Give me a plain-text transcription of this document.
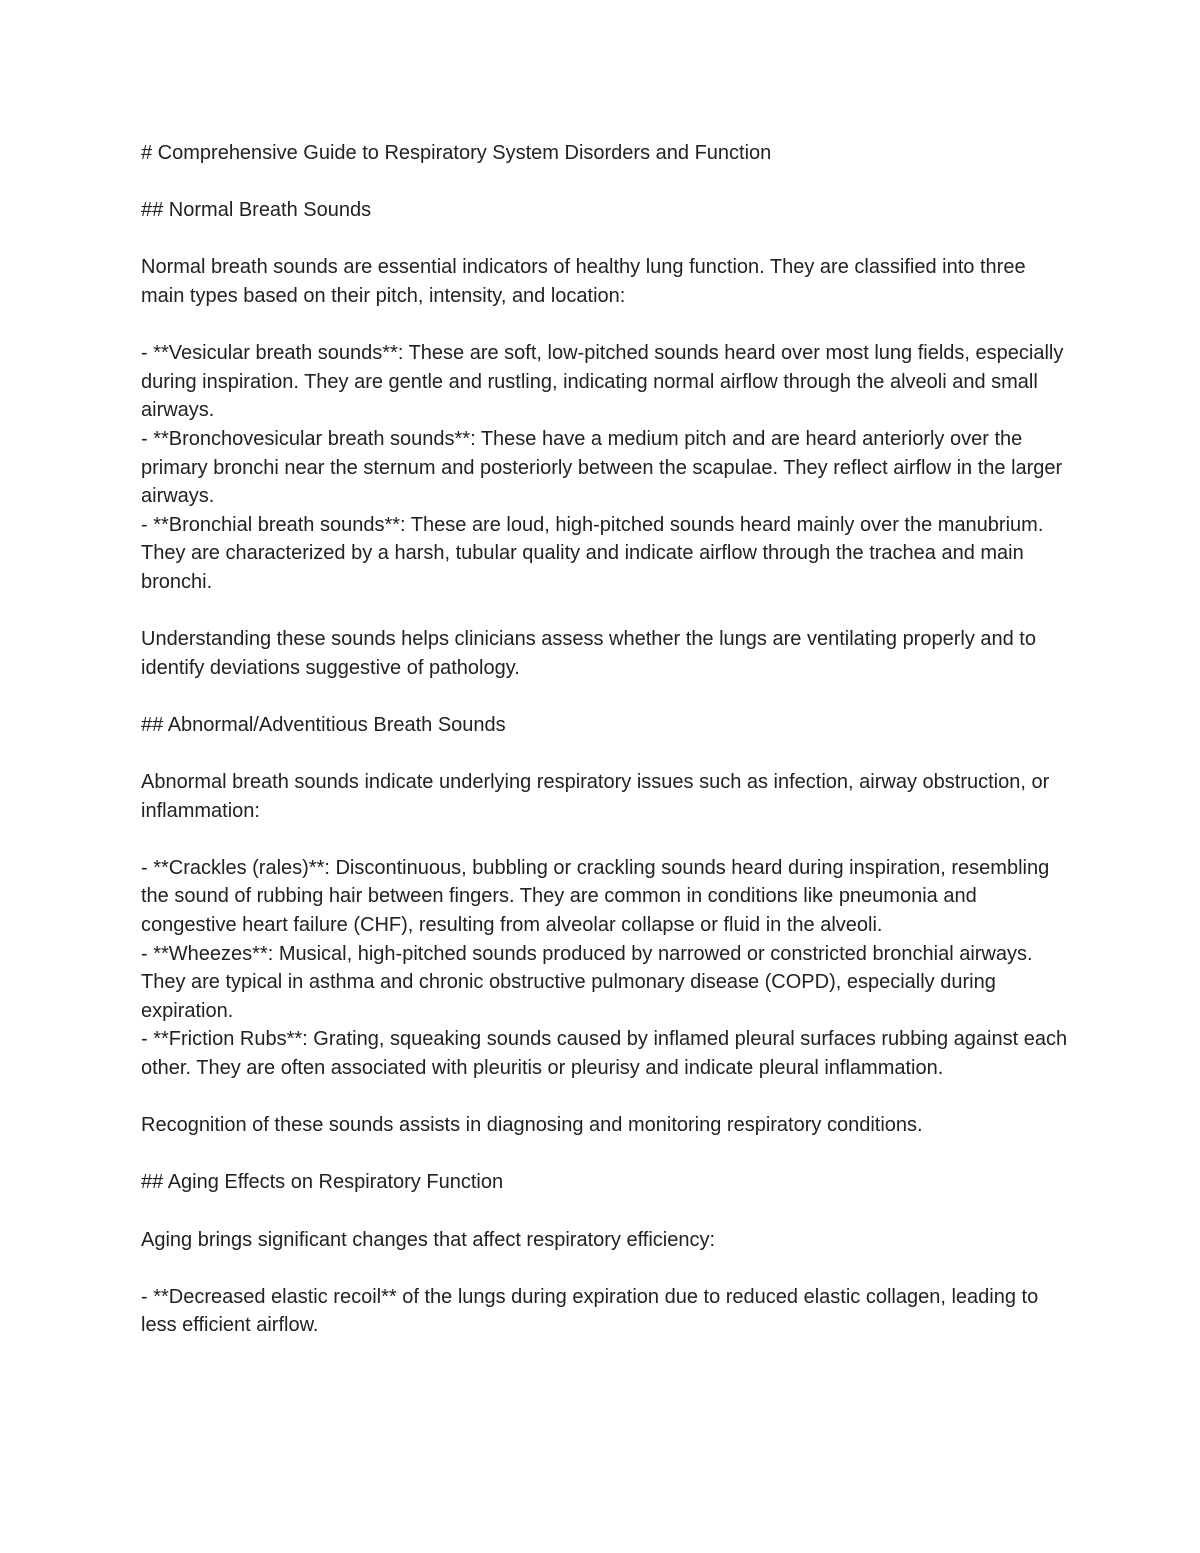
# Comprehensive Guide to Respiratory System Disorders and Function

## Normal Breath Sounds

Normal breath sounds are essential indicators of healthy lung function. They are classified into three main types based on their pitch, intensity, and location:

- **Vesicular breath sounds**: These are soft, low-pitched sounds heard over most lung fields, especially during inspiration. They are gentle and rustling, indicating normal airflow through the alveoli and small airways.

- **Bronchovesicular breath sounds**: These have a medium pitch and are heard anteriorly over the primary bronchi near the sternum and posteriorly between the scapulae. They reflect airflow in the larger airways.

- **Bronchial breath sounds**: These are loud, high-pitched sounds heard mainly over the manubrium. They are characterized by a harsh, tubular quality and indicate airflow through the trachea and main bronchi.

Understanding these sounds helps clinicians assess whether the lungs are ventilating properly and to identify deviations suggestive of pathology.

## Abnormal/Adventitious Breath Sounds

Abnormal breath sounds indicate underlying respiratory issues such as infection, airway obstruction, or inflammation:

- **Crackles (rales)**: Discontinuous, bubbling or crackling sounds heard during inspiration, resembling the sound of rubbing hair between fingers. They are common in conditions like pneumonia and congestive heart failure (CHF), resulting from alveolar collapse or fluid in the alveoli.

- **Wheezes**: Musical, high-pitched sounds produced by narrowed or constricted bronchial airways. They are typical in asthma and chronic obstructive pulmonary disease (COPD), especially during expiration.

- **Friction Rubs**: Grating, squeaking sounds caused by inflamed pleural surfaces rubbing against each other. They are often associated with pleuritis or pleurisy and indicate pleural inflammation.

Recognition of these sounds assists in diagnosing and monitoring respiratory conditions.

## Aging Effects on Respiratory Function

Aging brings significant changes that affect respiratory efficiency:

- **Decreased elastic recoil** of the lungs during expiration due to reduced elastic collagen, leading to less efficient airflow.
